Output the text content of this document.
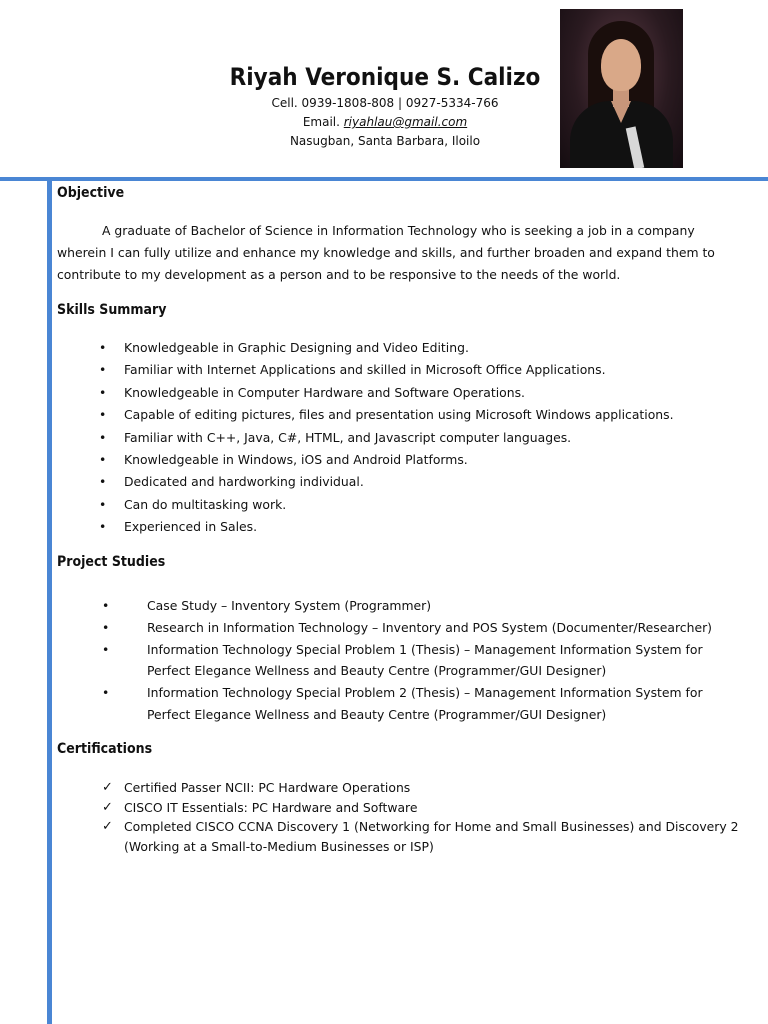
Riyah Veronique S. Calizo
Cell. 0939-1808-808 | 0927-5334-766
Email. riyahlau@gmail.com
Nasugban, Santa Barbara, Iloilo
Objective
A graduate of Bachelor of Science in Information Technology who is seeking a job in a company wherein I can fully utilize and enhance my knowledge and skills, and further broaden and expand them to contribute to my development as a person and to be responsive to the needs of the world.
Skills Summary
• Knowledgeable in Graphic Designing and Video Editing.
• Familiar with Internet Applications and skilled in Microsoft Office Applications.
• Knowledgeable in Computer Hardware and Software Operations.
• Capable of editing pictures, files and presentation using Microsoft Windows applications.
• Familiar with C++, Java, C#, HTML, and Javascript computer languages.
• Knowledgeable in Windows, iOS and Android Platforms.
• Dedicated and hardworking individual.
• Can do multitasking work.
• Experienced in Sales.
Project Studies
•	Case Study – Inventory System (Programmer)
•	Research in Information Technology – Inventory and POS System (Documenter/Researcher)
•	Information Technology Special Problem 1 (Thesis) – Management Information System for Perfect Elegance Wellness and Beauty Centre (Programmer/GUI Designer)
•	Information Technology Special Problem 2 (Thesis) – Management Information System for Perfect Elegance Wellness and Beauty Centre (Programmer/GUI Designer)
Certifications
✓ Certified Passer NCII: PC Hardware Operations
✓ CISCO IT Essentials: PC Hardware and Software
✓ Completed CISCO CCNA Discovery 1 (Networking for Home and Small Businesses) and Discovery 2 (Working at a Small-to-Medium Businesses or ISP)
